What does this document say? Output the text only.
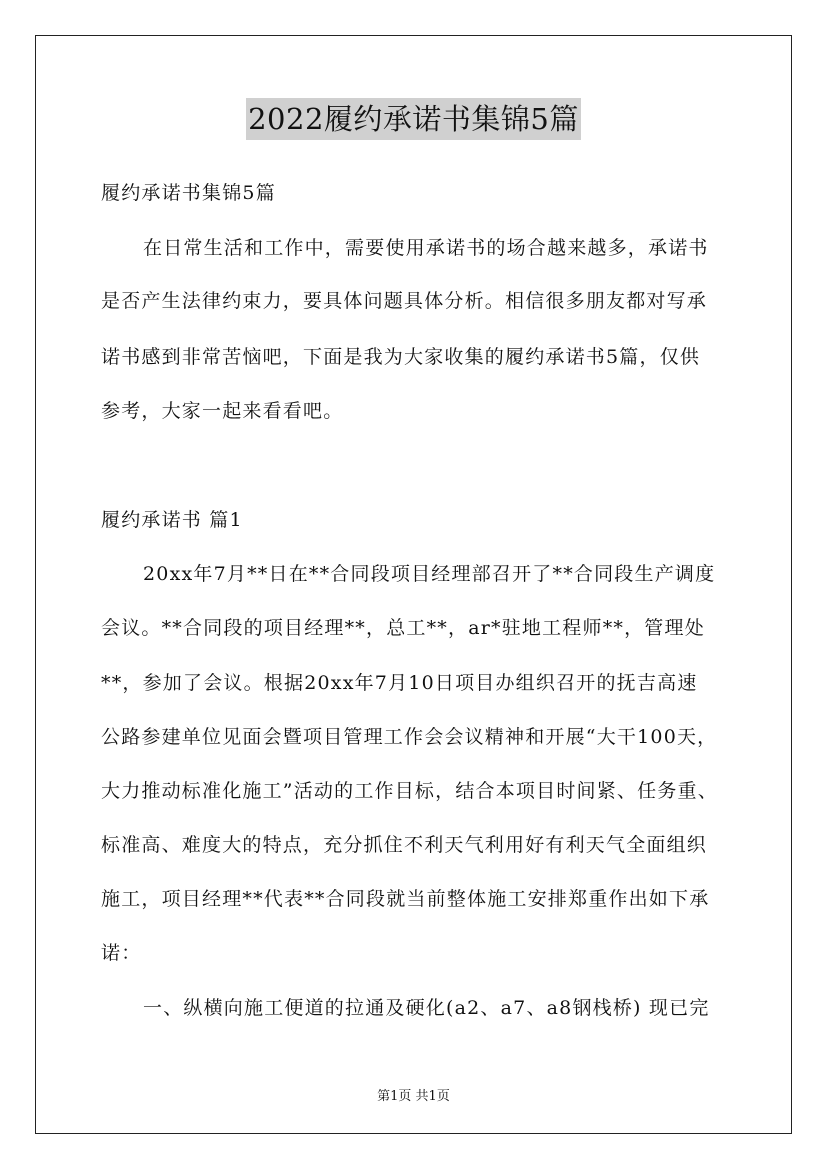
2022履约承诺书集锦5篇
履约承诺书集锦5篇
在日常生活和工作中，需要使用承诺书的场合越来越多，承诺书
是否产生法律约束力，要具体问题具体分析。相信很多朋友都对写承
诺书感到非常苦恼吧，下面是我为大家收集的履约承诺书5篇，仅供
参考，大家一起来看看吧。
履约承诺书 篇1
20xx年7月**日在**合同段项目经理部召开了**合同段生产调度
会议。**合同段的项目经理**，总工**，ar*驻地工程师**，管理处
**，参加了会议。根据20xx年7月10日项目办组织召开的抚吉高速
公路参建单位见面会暨项目管理工作会会议精神和开展“大干100天，
大力推动标准化施工”活动的工作目标，结合本项目时间紧、任务重、
标准高、难度大的特点，充分抓住不利天气利用好有利天气全面组织
施工，项目经理**代表**合同段就当前整体施工安排郑重作出如下承
诺：
一、纵横向施工便道的拉通及硬化(a2、a7、a8钢栈桥) 现已完
第1页 共1页
